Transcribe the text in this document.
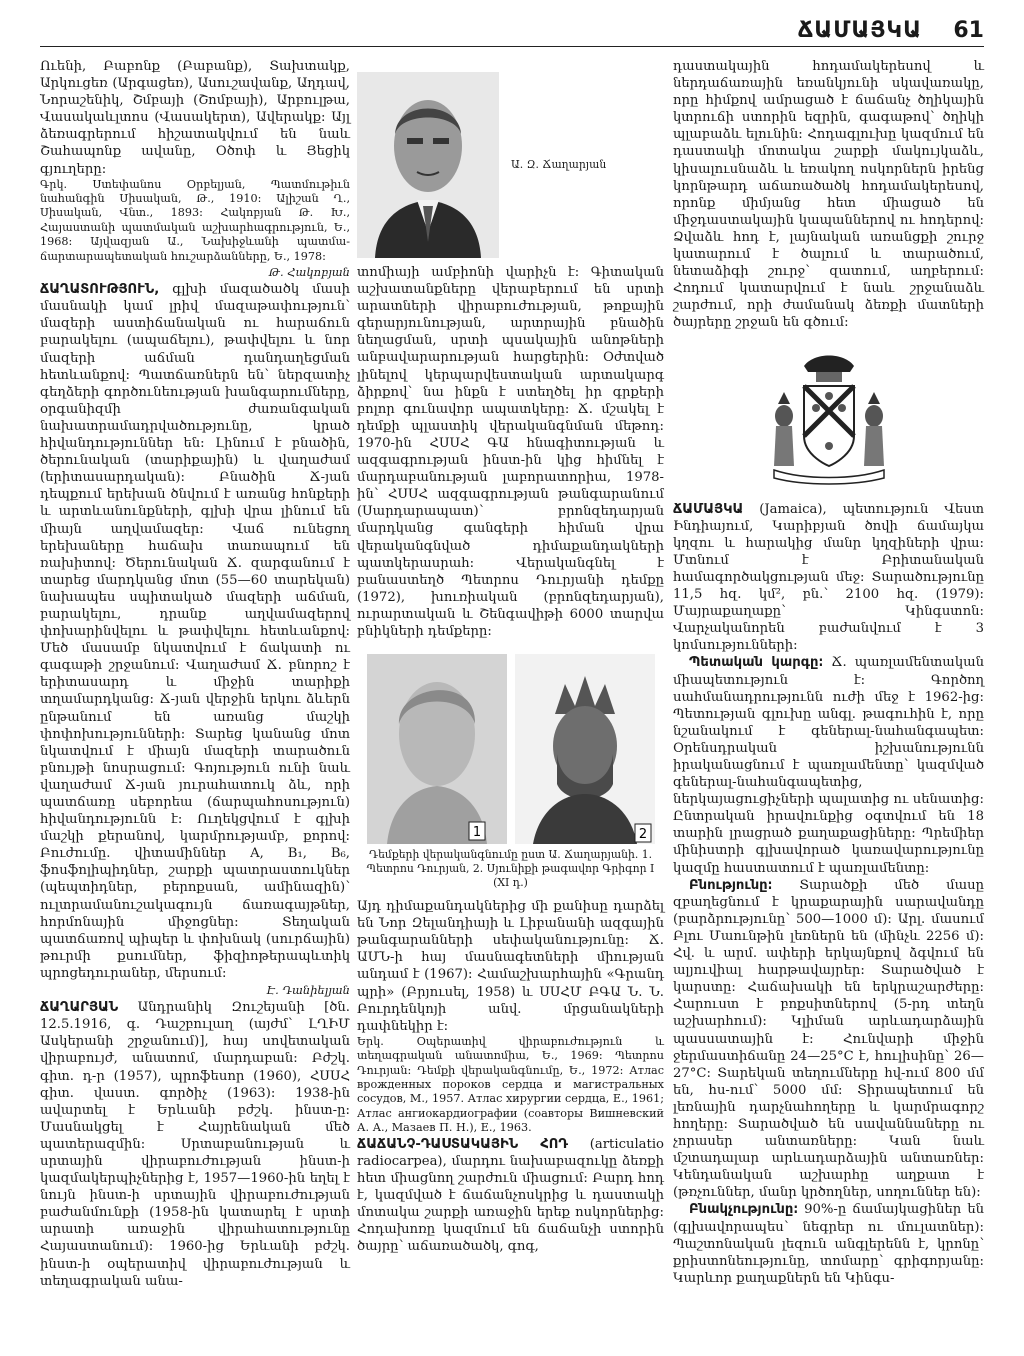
ՃԱՄԱՅԿԱ 61

Ուենի, Բաբոնք (Բաբանք), Տախտակք, Արկուցեռ (Արգացեռ), Ասուշավանք, Աղդավ, Նորաշենիկ, Շմբայի (Շոմբայի), Արբուլթա, Վասակաևլտոս (Վասակերտ), Ավերակք։ Այլ ձեռագրերում հիշատակվում են նաև Շահապոնք ավանը, Օծոփ և Յեցիկ գյուղերը։

Գրկ. Ստեփանոս Օրբելյան, Պատմութիւն նահանգին Սիսական, Թ., 1910։ Ալիշան Ղ., Սիսական, Վնտ., 1893։ Հակոբյան Թ. Խ., Հայաստանի պատմական աշխարհագրություն, Ե., 1968։ Այվազյան Ա., Նախիջևանի պատմա-ճարտարապետական հուշարձանները, Ե., 1978։

Թ. Հակոբյան

ՃԱՂԱՏՈՒԹՅՈՒՆ, գլխի մազածածկ մասի մասնակի կամ լրիվ մազաթափություն՝ մազերի աստիճանական ու հարաճուն բարակելու (ապաճելու), թափվելու և նոր մազերի աճման դանդաղեցման հետևանքով։ Պատճառներն են՝ ներզատիչ գեղձերի գործունեության խանգարումները, օրգանիզմի ժառանգական նախատրամադրվածությունը, կրած հիվանդություններ են։ Լինում է բնածին, ծերունական (տարիքային) և վաղաժամ (երիտասարդական)։ Բնածին Ճ-յան դեպքում երեխան ծնվում է առանց հոնքերի և արտևանունքների, գլխի վրա լինում են միայն աղվամազեր։ Վաճ ունեցող երեխաները հաճախ տառապում են ռախիտով։ Ծերունական Ճ. զարգանում է տարեց մարդկանց մոտ (55—60 տարեկան) նախապես սպիտակած մազերի աճման, բարակելու, դրանք աղվամազերով փոխարինվելու և թափվելու հետևանքով։ Մեծ մասամբ նկատվում է ճակատի ու գագաթի շրջանում։ Վաղաժամ Ճ. բնորոշ է երիտասարդ և միջին տարիքի տղամարդկանց։ Ճ-յան վերջին երկու ձևերն ընթանում են առանց մաշկի փոփոխությունների։ Տարեց կանանց մոտ նկատվում է միայն մազերի տարածուն բնույթի նոսրացում։ Գոյություն ունի նաև վաղաժամ Ճ-յան յուրահատուկ ձև, որի պատճառը սեբորեա (ճարպահոսություն) հիվանդությունն է։ Ուղեկցվում է գլխի մաշկի քերանով, կարմրությամբ, քորով։ Բուժումը. վիտամիններ A, B₁, B₆, ֆոսֆոլիպիդներ, շարքի պատրաստուկներ (պեպտիդներ, բերոքսան, ամինազին)՝ ուլտրամանուշակագույն ճառագայթներ, հորմոնային միջոցներ։ Տեղական պատճառով պիպեր և փոխնակ (սուրճային) թուրմի քսումներ, ֆիզիոթերապևտիկ պրոցեդուրաներ, մերսում։

Է. Դանիելյան

ՃԱՂԱՐՅԱՆ Անդրանիկ Զուշեյանի [ծն. 12.5.1916, գ. Դաշբուլաղ (այժմ՝ ԼՂԻՄ Ասկերանի շրջանում)], հայ սովետական վիրաբույժ, անատոմ, մարդաբան։ Բժշկ. գիտ. դ-ր (1957), պրոֆեսոր (1960), ՀՍՍՀ գիտ. վաստ. գործիչ (1963)։ 1938-ին ավարտել է Երևանի բժշկ. ինստ-ը։ Մասնակցել է Հայրենական մեծ պատերազմին։ Սրտաբանության և սրտային վիրաբուժության ինստ-ի կազմակերպիչներից է, 1957—1960-ին եղել է նույն ինստ-ի սրտային վիրաբուժության բաժանմունքի (1958-ին կատարել է սրտի արատի առաջին վիրահատությունը Հայաստանում)։ 1960-ից Երևանի բժշկ. ինստ-ի օպերատիվ վիրաբուժության և տեղագրական անա-

Ա. Զ. Ճաղարյան

տոմիայի ամբիոնի վարիչն է։ Գիտական աշխատանքները վերաբերում են սրտի արատների վիրաբուժության, թոքային գերարյունության, արտրային բնածին նեղացման, սրտի պսակային անոթների անբավարարության հարցերին։ Օժտված լինելով կերպարվեստական արտակարգ ձիրքով՝ նա ինքն է ստեղծել իր գրքերի բոլոր գունավոր ապատկերը։ Ճ. մշակել է դեմքի պլաստիկ վերականգնման մեթոդ։ 1970-ին ՀՍՍՀ ԳԱ հնագիտության և ազգագրության ինստ-ին կից հիմնել է մարդաբանության լաբորատորիա, 1978-ին՝ ՀՍՍՀ ազգագրության թանգարանում (Սարդարապատ)՝ բրոնզեդարյան մարդկանց գանգերի հիման վրա վերականգնված դիմաքանդակների պատկերասրահ։ Վերականգնել է բանաստեղծ Պետրոս Դուրյանի դեմքը (1972), խուռիական (բրոնզեդարյան), ուրարտական և Շենգավիթի 6000 տարվա բնիկների դեմքերը։

1	2
Դեմքերի վերականգնումը ըստ Ա. Ճաղարյանի. 1. Պետրոս Դուրյան, 2. Սյունիքի թագավոր Գրիգոր I (XI դ.)

Այդ դիմաքանդակներից մի քանիսը դարձել են Նոր Զելանդիայի և Լիբանանի ազգային թանգարանների սեփականությունը։ Ճ. ԱՄՆ-ի հայ մասնագետների միության անդամ է (1967)։ Համաշխարհային «Գրանդ պրի» (Բրյուսել, 1958) և ՍՍՀՄ ԲԳԱ Ն. Ն. Բուրդենկոյի անվ. մրցանակների դափնեկիր է։

Երկ. Օպերատիվ վիրաբուժություն և տեղագրական անատոմիա, Ե., 1969։ Պետրոս Դուրյան։ Դեմքի վերականգնումը, Ե., 1972։ Атлас врожденных пороков сердца и магистральных сосудов, М., 1957. Атлас хирургии сердца, Е., 1961; Атлас ангиокардиографии (соавторы Вишневский А. А., Мазаев П. Н.), Е., 1963.

ՃԱՃԱՆՉ-ԴԱՍՏԱԿԱՅԻՆ ՀՈԴ (articulatio radiocarpea), մարդու նախաբազուկը ձեռքի հետ միացնող շարժուն միացում։ Բարդ հոդ է, կազմված է ճաճանչոսկրից և դաստակի մոտակա շարքի առաջին երեք ոսկորներից։ Հոդախոռը կազմում են ճաճանչի ստորին ծայրը՝ աճառածածկ, գոգ,

դաստակային հոդամակերեսով և ներդաճառային եռանկյունի սկավառակը, որը հիմքով ամրացած է ճաճանչ ծղիկային կտրուճի ստորին եզրին, գագաթով՝ ծղիկի պլաբաձև ելունին։ Հոդագլուխը կազմում են դաստակի մոտակա շարքի մակույկաձև, կիսալուսնաձև և եռակող ոսկորներն իրենց կորնթարդ աճառածածկ հոդամակերեսով, որոնք միմյանց հետ միացած են միջդաստակային կապաններով ու հոդերով։ Ձվաձև հոդ է, լայնական առանցքի շուրջ կատարում է ծալում և տարածում, նետաձիգի շուրջ՝ զատում, աղբերում։ Հոդում կատարվում է նաև շրջանաձև շարժում, որի ժամանակ ձեռքի մատների ծայրերը շրջան են գծում։

ՃԱՄԱՅԿԱ (Jamaica), պետություն Վեստ Ինդիայում, Կարիբյան ծովի ճամայկա կղզու և հարակից մանր կղզիների վրա։ Մտնում է Բրիտանական համագործակցության մեջ։ Տարածությունը 11,5 հզ. կմ², բն.՝ 2100 հզ. (1979)։ Մայրաքաղաքը՝ Կինգստոն։ Վարչականորեն բաժանվում է 3 կոմսությունների։

Պետական կարգը։ Ճ. պառլամենտական միապետություն է։ Գործող սահմանադրությունն ուժի մեջ է 1962-ից։ Պետության գլուխը անգլ. թագուհին է, որը նշանակում է գեներալ-նահանգապետ։ Օրենսդրական իշխանությունն իրականացնում է պառլամենտը՝ կազմված գեներալ-նահանգապետից, ներկայացուցիչների պալատից ու սենատից։ Ընտրական իրավունքից օգտվում են 18 տարին լրացրած քաղաքացիները։ Պրեմիեր մինիստրի գլխավորած կառավարությունը կազմը հաստատում է պառլամենտը։

Բնությունը։ Տարածքի մեծ մասը զբաղեցնում է կրաքարային սարավանդը (բարձրությունը՝ 500—1000 մ)։ Արլ. մասում Բլու Մաունթին լեռներն են (մինչև 2256 մ)։ Հվ. և արմ. ափերի երկայնքով ձգվում են ալյուվիալ հարթավայրեր։ Տարածված է կարստը։ Հաճախակի են երկրաշարժերը։ Հարուստ է բոքսիտներով (5-րդ տեղն աշխարհում)։ Կլիման արևադարձային պասսատային է։ Հունվարի միջին ջերմաստիճանը 24—25°C է, հուլիսինը՝ 26—27°C։ Տարեկան տեղումները հվ-ում 800 մմ են, հս-ում՝ 5000 մմ։ Տիրապետում են լեռնային դարչնահողերը և կարմրագորշ հողերը։ Տարածված են սավաննաները ու չորասեր անտառները։ Կան նաև մշտադալար արևադարձային անտառներ։ Կենդանական աշխարհը աղքատ է (թռչուններ, մանր կրծողներ, սողուններ են)։

Բնակչությունը։ 90%-ը ճամայկացիներ են (գլխավորապես՝ նեգրեր ու մուլատներ)։ Պաշտոնական լեզուն անգլերենն է, կրոնը՝ քրիստոնեությունը, տոմարը՝ գրիգորյանը։ Կարևոր քաղաքներն են Կինգս-
